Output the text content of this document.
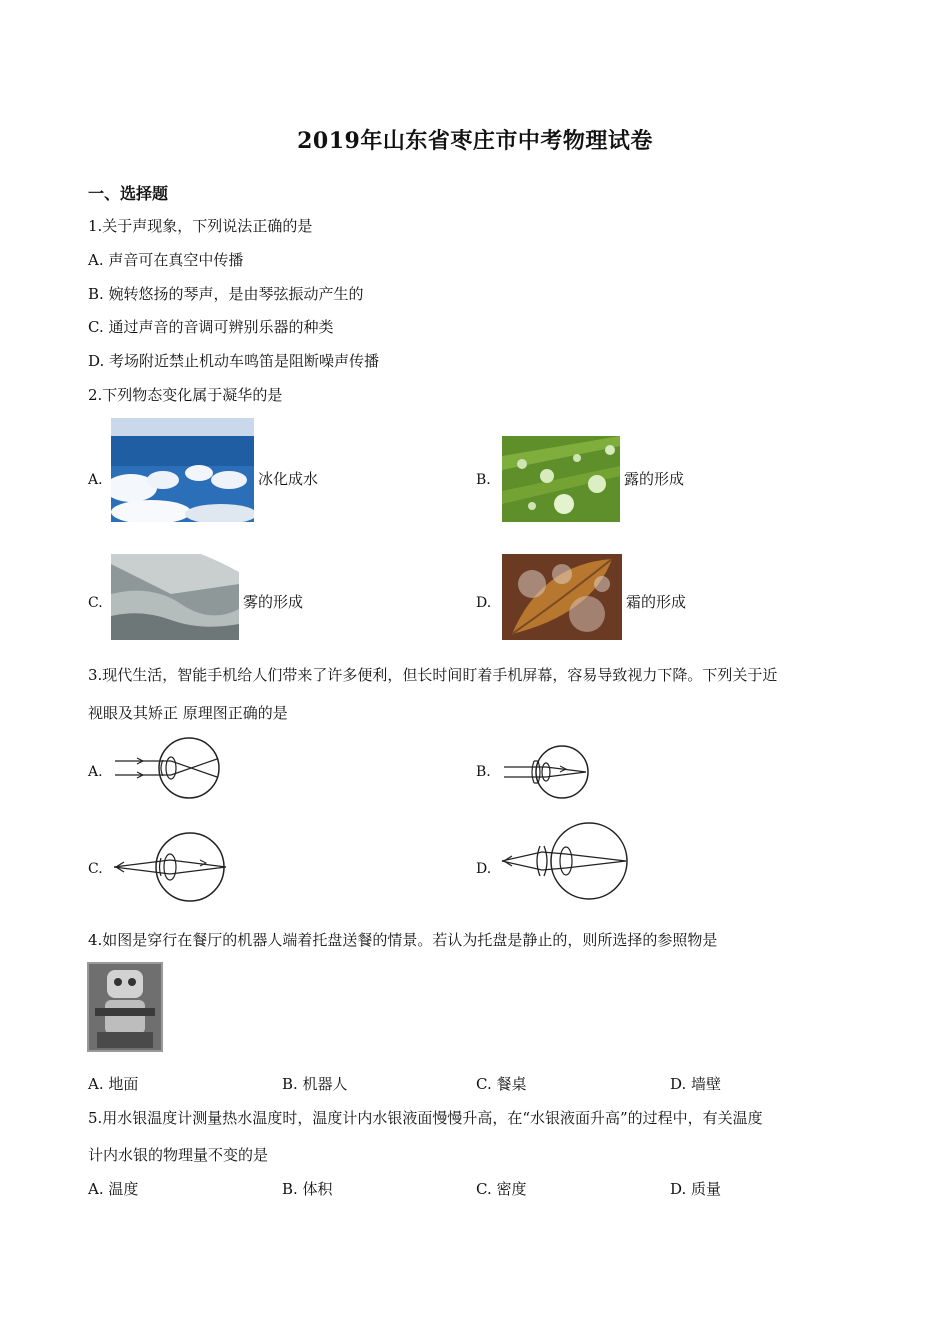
2019年山东省枣庄市中考物理试卷
一、选择题
1.关于声现象，下列说法正确的是
A. 声音可在真空中传播
B. 婉转悠扬的琴声，是由琴弦振动产生的
C. 通过声音的音调可辨别乐器的种类
D. 考场附近禁止机动车鸣笛是阻断噪声传播
2.下列物态变化属于凝华的是
A.	冰化成水	B.	露的形成
C.	雾的形成	D.	霜的形成
3.现代生活，智能手机给人们带来了许多便利，但长时间盯着手机屏幕，容易导致视力下降。下列关于近
视眼及其矫正 原理图正确的是
A.	B.
C.	D.
4.如图是穿行在餐厅的机器人端着托盘送餐的情景。若认为托盘是静止的，则所选择的参照物是
A. 地面	B. 机器人	C. 餐桌	D. 墙壁
5.用水银温度计测量热水温度时，温度计内水银液面慢慢升高，在“水银液面升高”的过程中，有关温度
计内水银的物理量不变的是
A. 温度	B. 体积	C. 密度	D. 质量
